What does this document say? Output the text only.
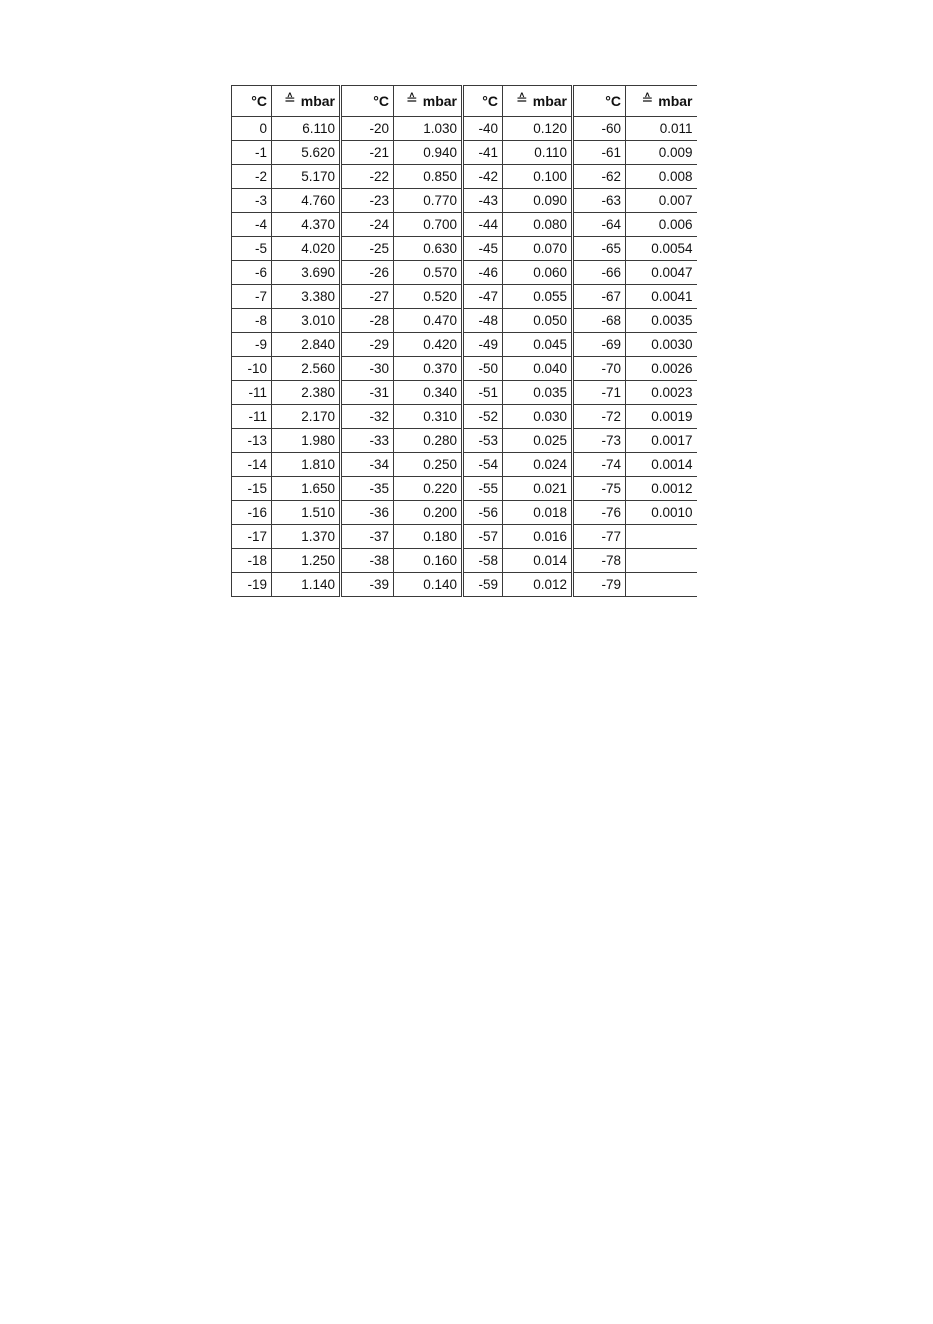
°C	≙ mbar	°C	≙ mbar	°C	≙ mbar	°C	≙ mbar
0	6.110	-20	1.030	-40	0.120	-60	0.011
-1	5.620	-21	0.940	-41	0.110	-61	0.009
-2	5.170	-22	0.850	-42	0.100	-62	0.008
-3	4.760	-23	0.770	-43	0.090	-63	0.007
-4	4.370	-24	0.700	-44	0.080	-64	0.006
-5	4.020	-25	0.630	-45	0.070	-65	0.0054
-6	3.690	-26	0.570	-46	0.060	-66	0.0047
-7	3.380	-27	0.520	-47	0.055	-67	0.0041
-8	3.010	-28	0.470	-48	0.050	-68	0.0035
-9	2.840	-29	0.420	-49	0.045	-69	0.0030
-10	2.560	-30	0.370	-50	0.040	-70	0.0026
-11	2.380	-31	0.340	-51	0.035	-71	0.0023
-11	2.170	-32	0.310	-52	0.030	-72	0.0019
-13	1.980	-33	0.280	-53	0.025	-73	0.0017
-14	1.810	-34	0.250	-54	0.024	-74	0.0014
-15	1.650	-35	0.220	-55	0.021	-75	0.0012
-16	1.510	-36	0.200	-56	0.018	-76	0.0010
-17	1.370	-37	0.180	-57	0.016	-77	
-18	1.250	-38	0.160	-58	0.014	-78	
-19	1.140	-39	0.140	-59	0.012	-79	
